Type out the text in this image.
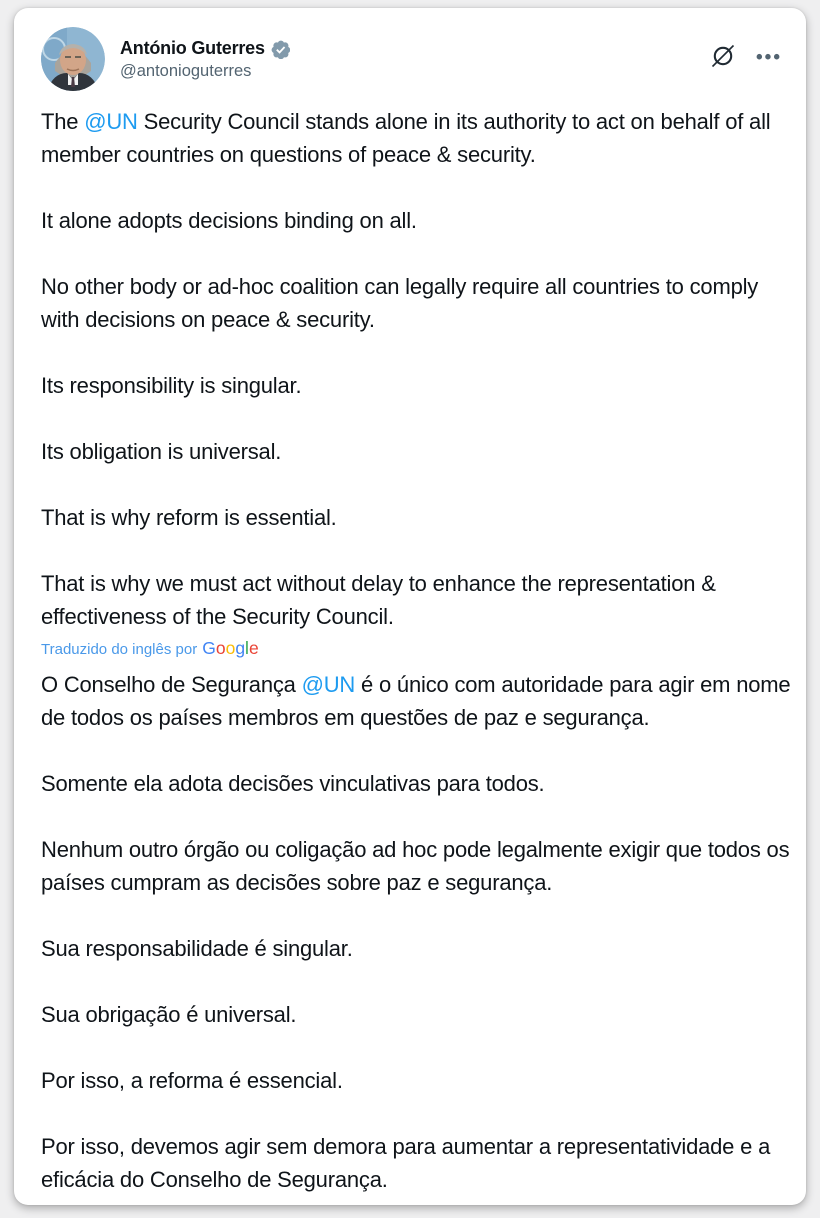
António Guterres
@antonioguterres
•••

The @UN Security Council stands alone in its authority to act on behalf of all member countries on questions of peace & security.

It alone adopts decisions binding on all.

No other body or ad-hoc coalition can legally require all countries to comply with decisions on peace & security.

Its responsibility is singular.

Its obligation is universal.

That is why reform is essential.

That is why we must act without delay to enhance the representation & effectiveness of the Security Council.

Traduzido do inglês por Google

O Conselho de Segurança @UN é o único com autoridade para agir em nome de todos os países membros em questões de paz e segurança.

Somente ela adota decisões vinculativas para todos.

Nenhum outro órgão ou coligação ad hoc pode legalmente exigir que todos os países cumpram as decisões sobre paz e segurança.

Sua responsabilidade é singular.

Sua obrigação é universal.

Por isso, a reforma é essencial.

Por isso, devemos agir sem demora para aumentar a representatividade e a eficácia do Conselho de Segurança.
